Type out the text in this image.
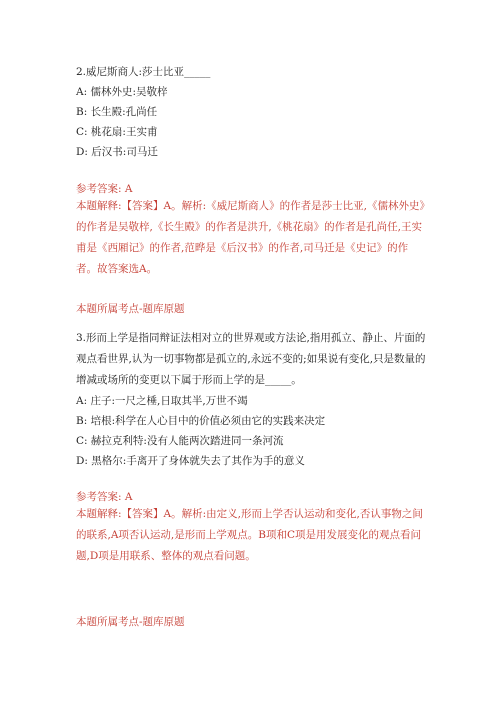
2.威尼斯商人:莎士比亚_____
A: 儒林外史:吴敬梓
B: 长生殿:孔尚任
C: 桃花扇:王实甫
D: 后汉书:司马迁
参考答案: A
本题解释:【答案】A。解析:《威尼斯商人》的作者是莎士比亚,《儒林外史》的作者是吴敬梓,《长生殿》的作者是洪升,《桃花扇》的作者是孔尚任,王实甫是《西厢记》的作者,范晔是《后汉书》的作者,司马迁是《史记》的作者。故答案选A。
本题所属考点-题库原题
3.形而上学是指同辩证法相对立的世界观或方法论,指用孤立、静止、片面的观点看世界,认为一切事物都是孤立的,永远不变的;如果说有变化,只是数量的增减或场所的变更以下属于形而上学的是_____。
A: 庄子:一尺之棰,日取其半,万世不竭
B: 培根:科学在人心目中的价值必须由它的实践来决定
C: 赫拉克利特:没有人能两次踏进同一条河流
D: 黑格尔:手离开了身体就失去了其作为手的意义
参考答案: A
本题解释:【答案】A。解析:由定义,形而上学否认运动和变化,否认事物之间的联系,A项否认运动,是形而上学观点。B项和C项是用发展变化的观点看问题,D项是用联系、整体的观点看问题。
本题所属考点-题库原题
